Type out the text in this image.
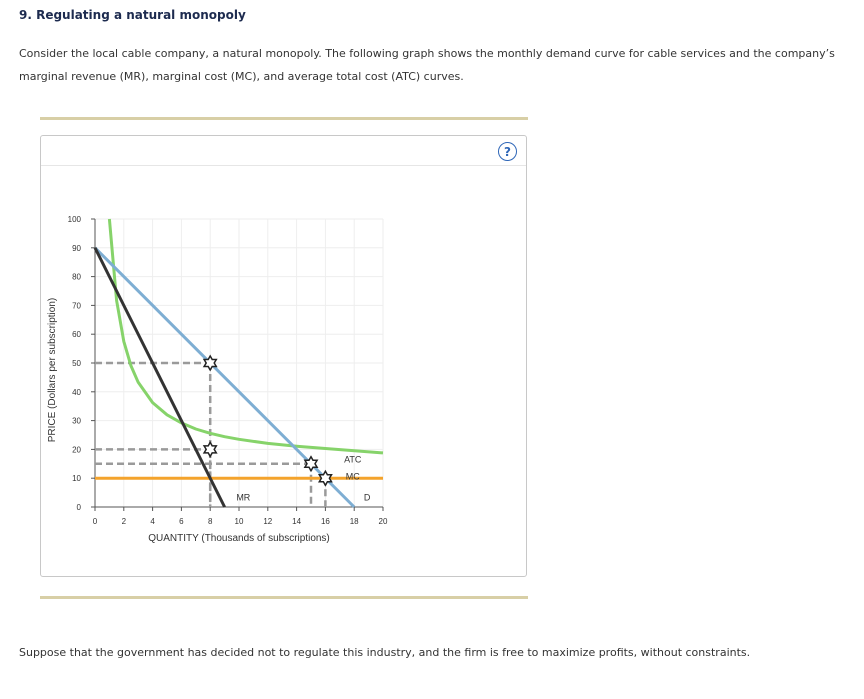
9. Regulating a natural monopoly
Consider the local cable company, a natural monopoly. The following graph shows the monthly demand curve for cable services and the company’s marginal revenue (MR), marginal cost (MC), and average total cost (ATC) curves.
?
0
10
20
30
40
50
60
70
80
90
100
0	2	4	6	8	10 12 14 16 18 20
ATC
MC
MR	D
QUANTITY (Thousands of subscriptions)
PRICE (Dollars per subscription)
Suppose that the government has decided not to regulate this industry, and the firm is free to maximize profits, without constraints.
